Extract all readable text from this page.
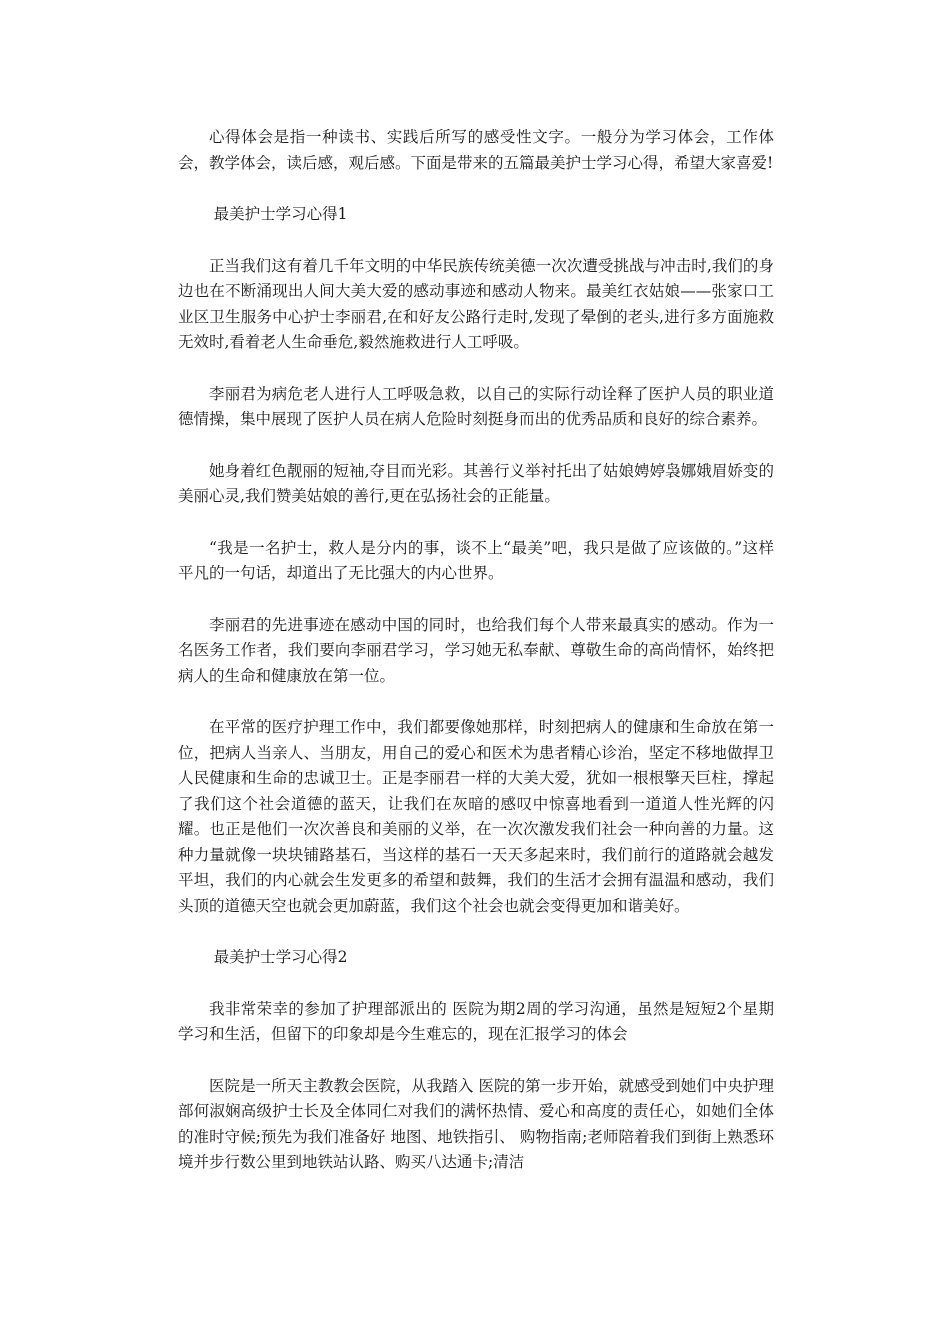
心得体会是指一种读书、实践后所写的感受性文字。一般分为学习体会，工作体会，教学体会，读后感，观后感。下面是带来的五篇最美护士学习心得，希望大家喜爱!

最美护士学习心得1

正当我们这有着几千年文明的中华民族传统美德一次次遭受挑战与冲击时,我们的身边也在不断涌现出人间大美大爱的感动事迹和感动人物来。最美红衣姑娘——张家口工业区卫生服务中心护士李丽君,在和好友公路行走时,发现了晕倒的老头,进行多方面施救无效时,看着老人生命垂危,毅然施救进行人工呼吸。

李丽君为病危老人进行人工呼吸急救，以自己的实际行动诠释了医护人员的职业道德情操，集中展现了医护人员在病人危险时刻挺身而出的优秀品质和良好的综合素养。

她身着红色靓丽的短袖,夺目而光彩。其善行义举衬托出了姑娘娉婷袅娜娥眉娇变的美丽心灵,我们赞美姑娘的善行,更在弘扬社会的正能量。

“我是一名护士，救人是分内的事，谈不上“最美”吧，我只是做了应该做的。”这样平凡的一句话，却道出了无比强大的内心世界。

李丽君的先进事迹在感动中国的同时，也给我们每个人带来最真实的感动。作为一名医务工作者，我们要向李丽君学习，学习她无私奉献、尊敬生命的高尚情怀，始终把病人的生命和健康放在第一位。

在平常的医疗护理工作中，我们都要像她那样，时刻把病人的健康和生命放在第一位，把病人当亲人、当朋友，用自己的爱心和医术为患者精心诊治，坚定不移地做捍卫人民健康和生命的忠诚卫士。正是李丽君一样的大美大爱，犹如一根根擎天巨柱，撑起了我们这个社会道德的蓝天，让我们在灰暗的感叹中惊喜地看到一道道人性光辉的闪耀。也正是他们一次次善良和美丽的义举，在一次次激发我们社会一种向善的力量。这种力量就像一块块铺路基石，当这样的基石一天天多起来时，我们前行的道路就会越发平坦，我们的内心就会生发更多的希望和鼓舞，我们的生活才会拥有温温和感动，我们头顶的道德天空也就会更加蔚蓝，我们这个社会也就会变得更加和谐美好。

最美护士学习心得2

我非常荣幸的参加了护理部派出的 医院为期2周的学习沟通，虽然是短短2个星期学习和生活，但留下的印象却是今生难忘的，现在汇报学习的体会

医院是一所天主教教会医院，从我踏入 医院的第一步开始，就感受到她们中央护理部何淑娴高级护士长及全体同仁对我们的满怀热情、爱心和高度的责任心，如她们全体的准时守候;预先为我们准备好 地图、地铁指引、 购物指南;老师陪着我们到街上熟悉环境并步行数公里到地铁站认路、购买八达通卡;清洁
